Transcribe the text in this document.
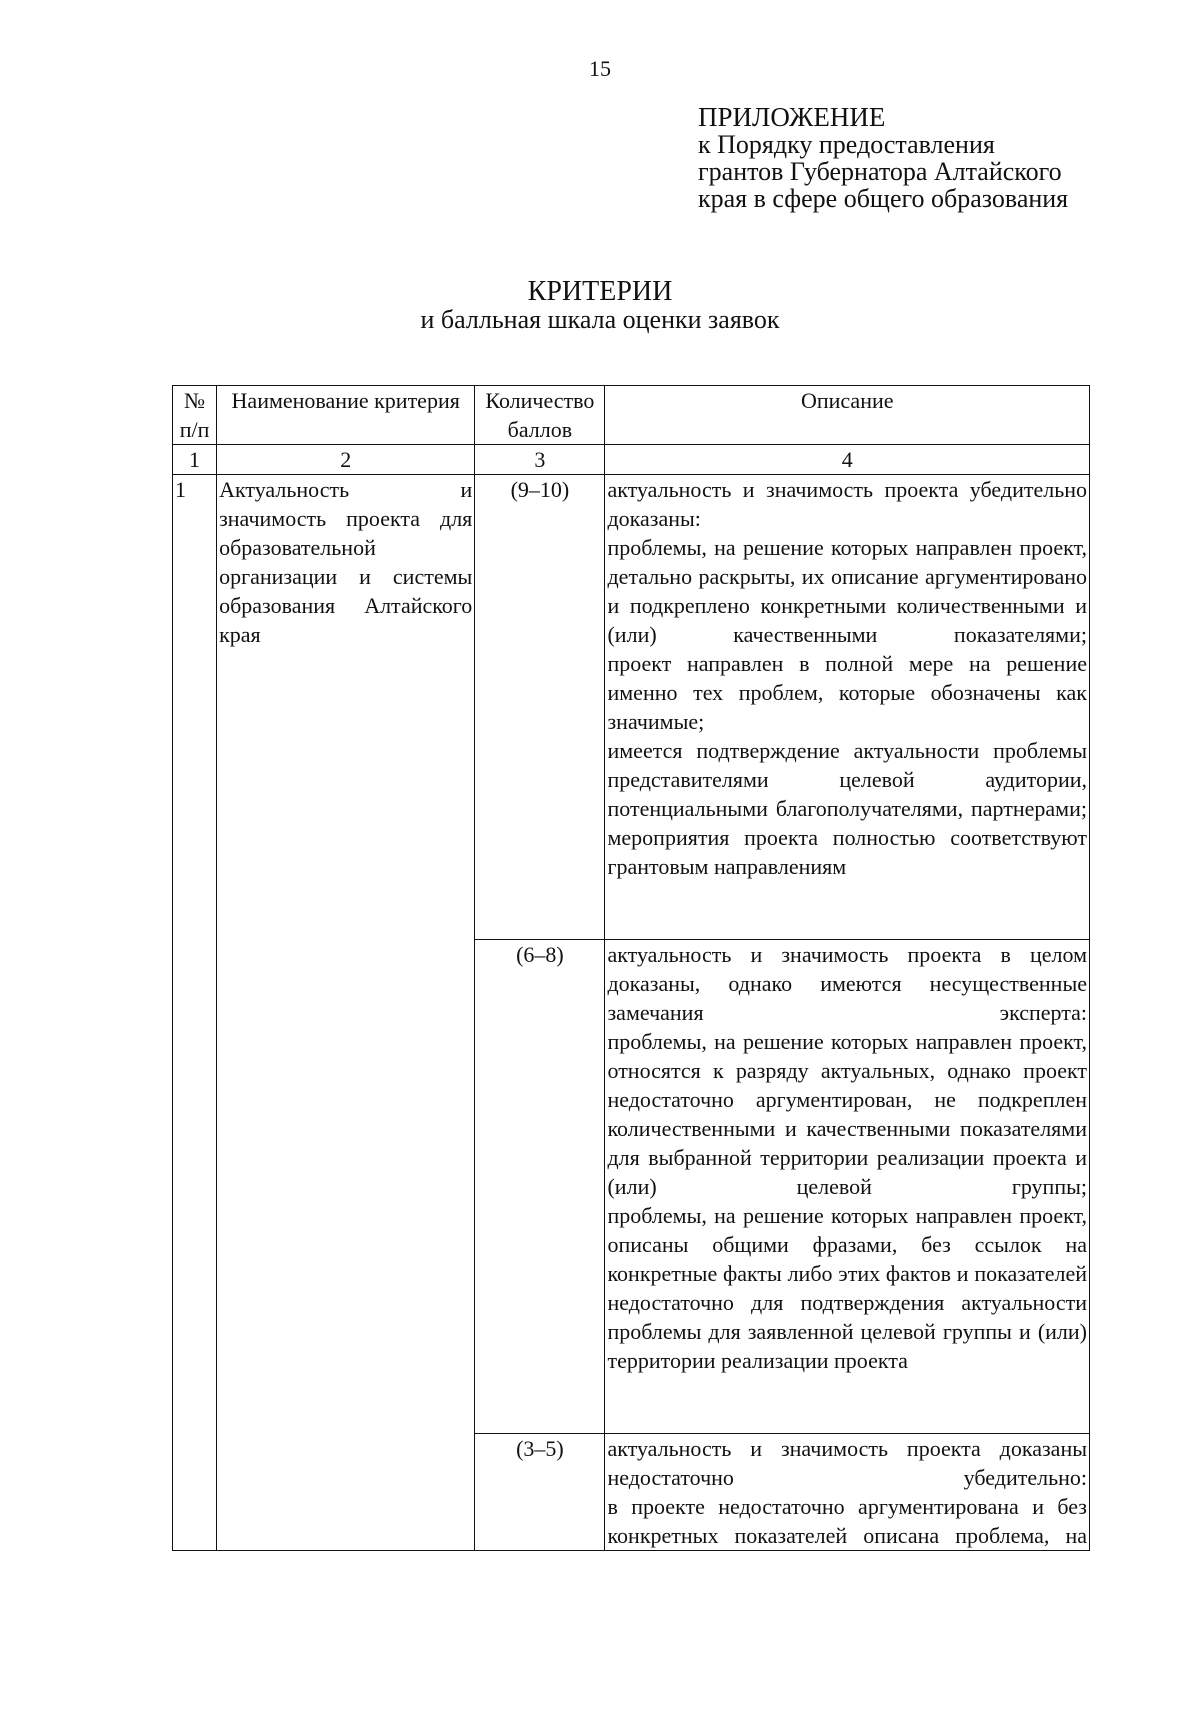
15
ПРИЛОЖЕНИЕ
к Порядку предоставления
грантов Губернатора Алтайского
края в сфере общего образования
КРИТЕРИИ
и балльная шкала оценки заявок
№ п/п	Наименование критерия	Количество баллов	Описание
1	2	3	4
1	Актуальность и значимость проекта для образовательной организации и системы образования Алтайского края	(9–10)	актуальность и значимость проекта убедительно доказаны:

проблемы, на решение которых направлен проект, детально раскрыты, их описание аргументировано и подкреплено конкретными количественными и (или) качественными показателями;

проект направлен в полной мере на решение именно тех проблем, которые обозначены как значимые;

имеется подтверждение актуальности проблемы представителями целевой аудитории, потенциальными благополучателями, партнерами;

мероприятия проекта полностью соответствуют грантовым направлениям

		(6–8)	актуальность и значимость проекта в целом доказаны, однако имеются несущественные замечания эксперта:

проблемы, на решение которых направлен проект, относятся к разряду актуальных, однако проект недостаточно аргументирован, не подкреплен количественными и качественными показателями для выбранной территории реализации проекта и (или) целевой группы;

проблемы, на решение которых направлен проект, описаны общими фразами, без ссылок на конкретные факты либо этих фактов и показателей недостаточно для подтверждения актуальности проблемы для заявленной целевой группы и (или) территории реализации проекта

		(3–5)	актуальность и значимость проекта доказаны недостаточно убедительно:

в проекте недостаточно аргументирована и без конкретных показателей описана проблема, на
